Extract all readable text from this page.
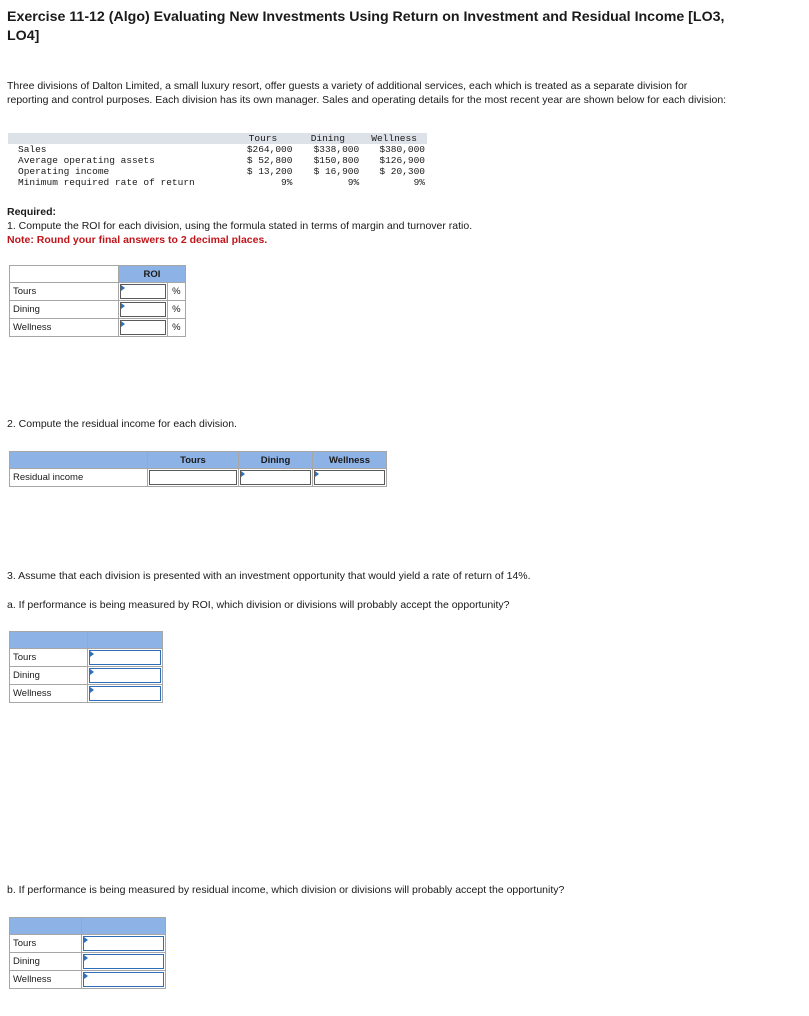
Exercise 11-12 (Algo) Evaluating New Investments Using Return on Investment and Residual Income [LO3, LO4]
Three divisions of Dalton Limited, a small luxury resort, offer guests a variety of additional services, each which is treated as a separate division for reporting and control purposes. Each division has its own manager. Sales and operating details for the most recent year are shown below for each division:
	Tours	Dining	Wellness
Sales	$264,000	$338,000	$380,000
Average operating assets	$ 52,800	$150,800	$126,900
Operating income	$ 13,200	$ 16,900	$ 20,300
Minimum required rate of return	9%	9%	9%
Required:
1. Compute the ROI for each division, using the formula stated in terms of margin and turnover ratio.
Note: Round your final answers to 2 decimal places.
	ROI	
Tours		%
Dining		%
Wellness		%
2. Compute the residual income for each division.
	Tours	Dining	Wellness
Residual income	

3. Assume that each division is presented with an investment opportunity that would yield a rate of return of 14%.
a. If performance is being measured by ROI, which division or divisions will probably accept the opportunity?

Tours	

Dining	

Wellness	
b. If performance is being measured by residual income, which division or divisions will probably accept the opportunity?

Tours	

Dining	

Wellness	
